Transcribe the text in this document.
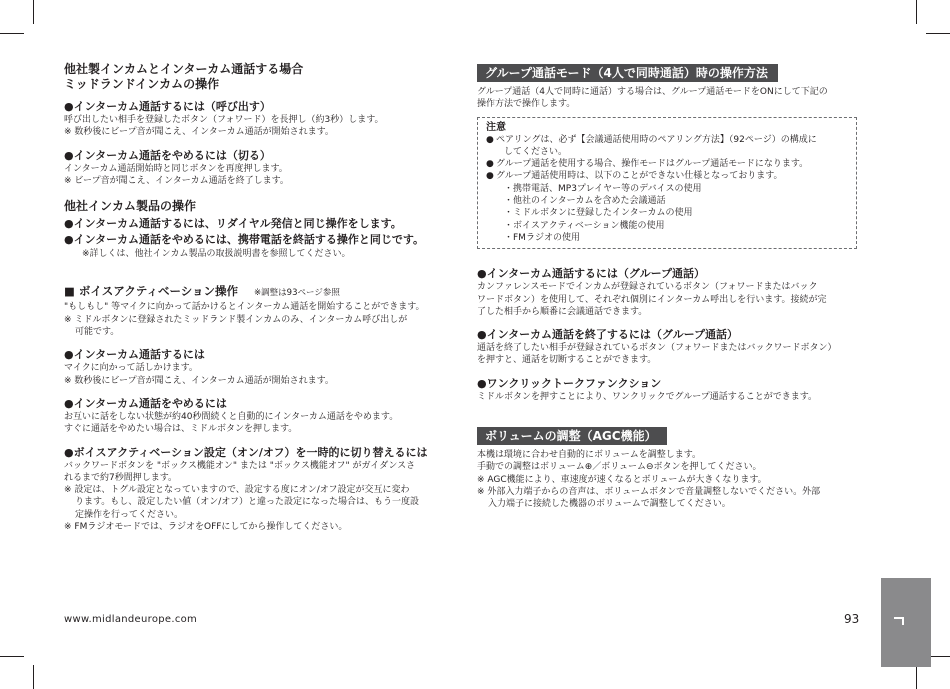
他社製インカムとインターカム通話する場合

ミッドランドインカムの操作

●インターカム通話するには（呼び出す）

呼び出したい相手を登録したボタン（フォワード）を長押し（約3秒）します。

※ 数秒後にビープ音が聞こえ、インターカム通話が開始されます。

●インターカム通話をやめるには（切る）

インターカム通話開始時と同じボタンを再度押します。

※ ビープ音が聞こえ、インターカム通話を終了します。

他社インカム製品の操作

●インターカム通話するには、リダイヤル発信と同じ操作をします。

●インターカム通話をやめるには、携帯電話を終話する操作と同じです。

※詳しくは、他社インカム製品の取扱説明書を参照してください。

■ ボイスアクティベーション操作 ※調整は93ページ参照

"もしもし" 等マイクに向かって話かけるとインターカム通話を開始することができます。

※ ミドルボタンに登録されたミッドランド製インカムのみ、インターカム呼び出しが

可能です。

●インターカム通話するには

マイクに向かって話しかけます。

※ 数秒後にビープ音が聞こえ、インターカム通話が開始されます。

●インターカム通話をやめるには

お互いに話をしない状態が約40秒間続くと自動的にインターカム通話をやめます。

すぐに通話をやめたい場合は、ミドルボタンを押します。

●ボイスアクティベーション設定（オン/オフ）を一時的に切り替えるには

バックワードボタンを "ボックス機能オン" または "ボックス機能オフ" がガイダンスさ

れるまで約7秒間押します。

※ 設定は、トグル設定となっていますので、設定する度にオン/オフ設定が交互に変わ

ります。もし、設定したい値（オン/オフ）と違った設定になった場合は、もう一度設

定操作を行ってください。

※ FMラジオモードでは、ラジオをOFFにしてから操作してください。

グループ通話モード（4人で同時通話）時の操作方法

グループ通話（4人で同時に通話）する場合は、グループ通話モードをONにして下記の

操作方法で操作します。

注意

● ペアリングは、必ず【会議通話使用時のペアリング方法】（92ページ）の構成に

してください。

● グループ通話を使用する場合、操作モードはグループ通話モードになります。

● グループ通話使用時は、以下のことができない仕様となっております。

・携帯電話、MP3プレイヤー等のデバイスの使用

・他社のインターカムを含めた会議通話

・ミドルボタンに登録したインターカムの使用

・ボイスアクティベーション機能の使用

・FMラジオの使用

●インターカム通話するには（グループ通話）

カンファレンスモードでインカムが登録されているボタン（フォワードまたはバック

ワードボタン）を使用して、それぞれ個別にインターカム呼出しを行います。接続が完

了した相手から順番に会議通話できます。

●インターカム通話を終了するには（グループ通話）

通話を終了したい相手が登録されているボタン（フォワードまたはバックワードボタン）

を押すと、通話を切断することができます。

●ワンクリックトークファンクション

ミドルボタンを押すことにより、ワンクリックでグループ通話することができます。

ボリュームの調整（AGC機能）

本機は環境に合わせ自動的にボリュームを調整します。

手動での調整はボリューム⊕／ボリューム⊖ボタンを押してください。

※ AGC機能により、車速度が速くなるとボリュームが大きくなります。

※ 外部入力端子からの音声は、ボリュームボタンで音量調整しないでください。外部

入力端子に接続した機器のボリュームで調整してください。

www.midlandeurope.com	93
